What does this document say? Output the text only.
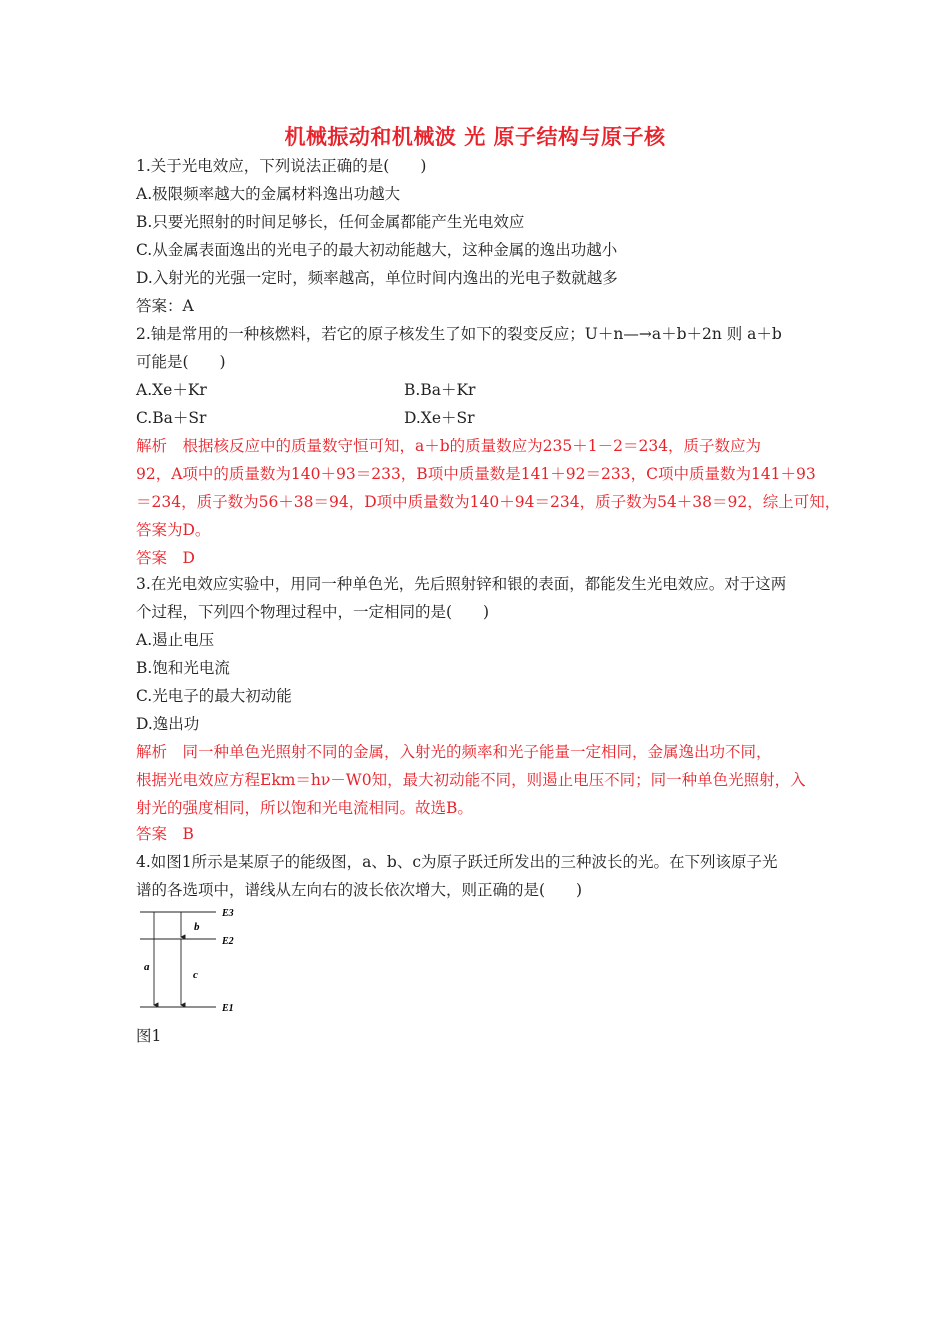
机械振动和机械波 光 原子结构与原子核
1.关于光电效应，下列说法正确的是(　　)
A.极限频率越大的金属材料逸出功越大
B.只要光照射的时间足够长，任何金属都能产生光电效应
C.从金属表面逸出的光电子的最大初动能越大，这种金属的逸出功越小
D.入射光的光强一定时，频率越高，单位时间内逸出的光电子数就越多
答案：A
2.铀是常用的一种核燃料，若它的原子核发生了如下的裂变反应；U＋n—→a＋b＋2n 则 a＋b
可能是(　　)
A.Xe＋Kr	B.Ba＋Kr
C.Ba＋Sr	D.Xe＋Sr
解析　根据核反应中的质量数守恒可知，a＋b的质量数应为235＋1－2＝234，质子数应为
92，A项中的质量数为140＋93＝233，B项中质量数是141＋92＝233，C项中质量数为141＋93
＝234，质子数为56＋38＝94，D项中质量数为140＋94＝234，质子数为54＋38＝92，综上可知，
答案为D。
答案　D
3.在光电效应实验中，用同一种单色光，先后照射锌和银的表面，都能发生光电效应。对于这两
个过程，下列四个物理过程中，一定相同的是(　　)
A.遏止电压
B.饱和光电流
C.光电子的最大初动能
D.逸出功
解析　同一种单色光照射不同的金属，入射光的频率和光子能量一定相同，金属逸出功不同，
根据光电效应方程Ekm＝hν－W0知，最大初动能不同，则遏止电压不同；同一种单色光照射，入
射光的强度相同，所以饱和光电流相同。故选B。
答案　B
4.如图1所示是某原子的能级图，a、b、c为原子跃迁所发出的三种波长的光。在下列该原子光
谱的各选项中，谱线从左向右的波长依次增大，则正确的是(　　)
a
b
c
E3
E2
E1
图1
